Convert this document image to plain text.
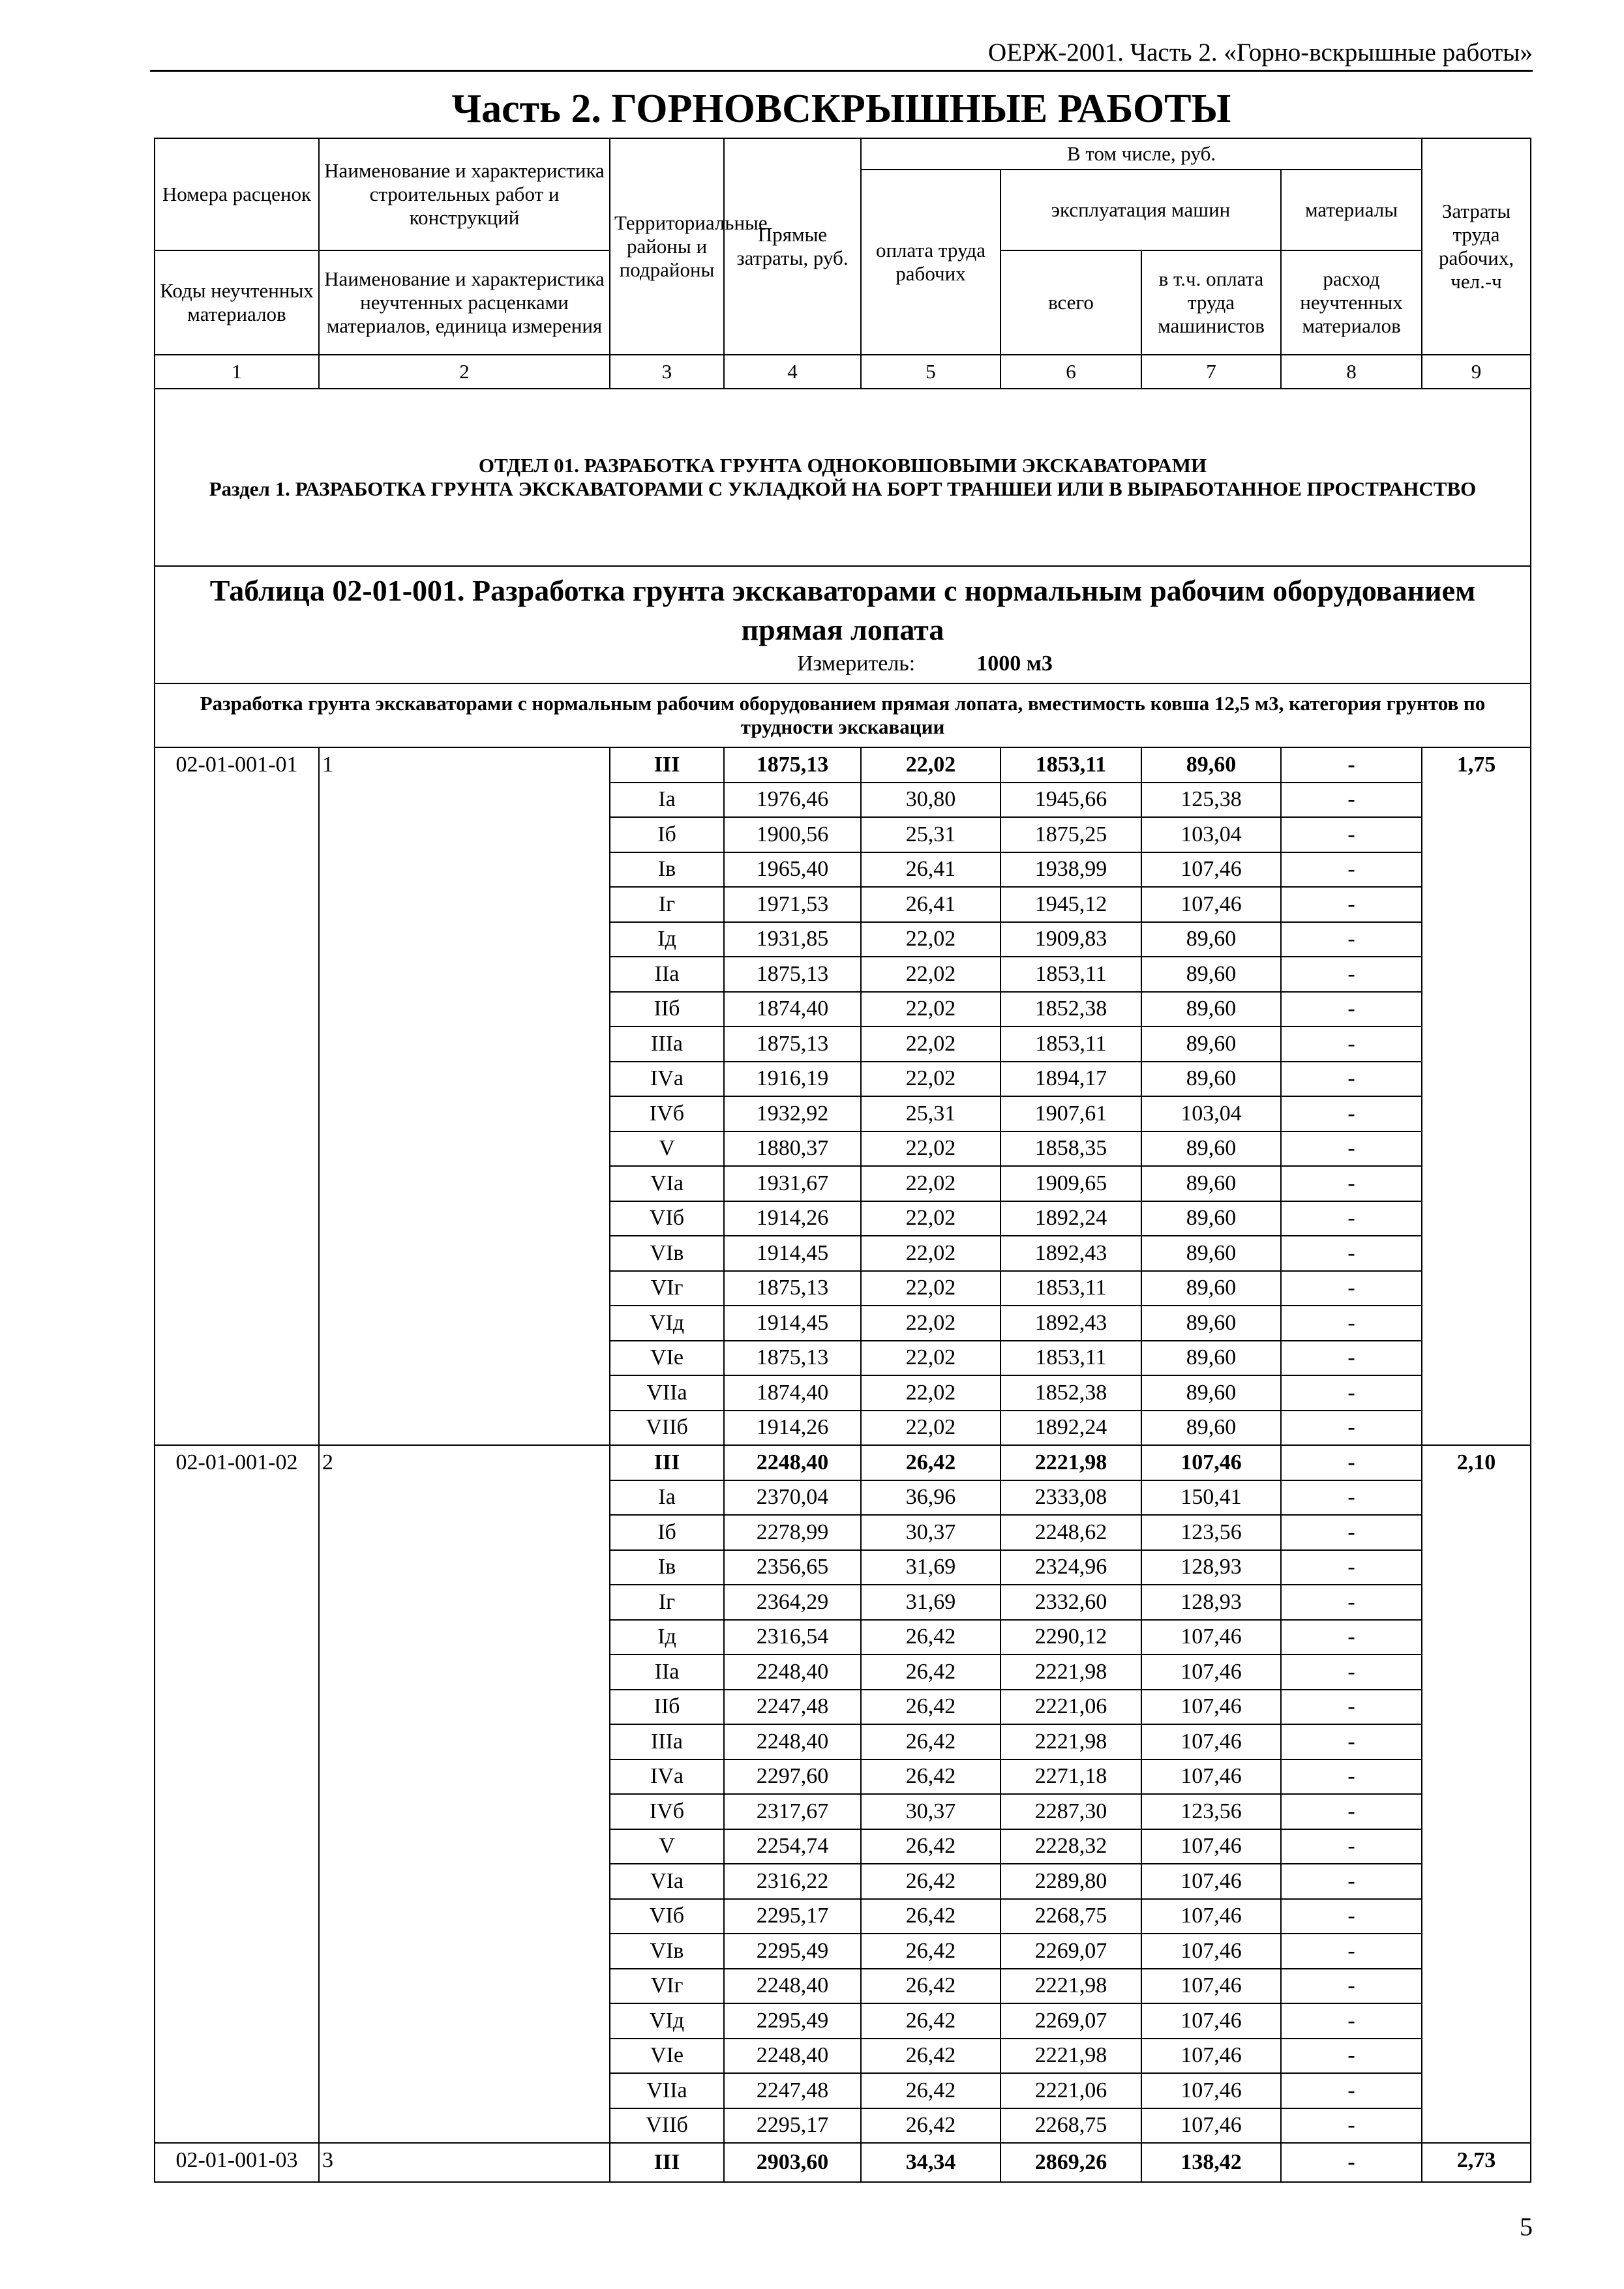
ОЕРЖ-2001. Часть 2. «Горно-вскрышные работы»
Часть 2. ГОРНОВСКРЫШНЫЕ РАБОТЫ
Номера расценок	Наименование и характеристика строительных работ и конструкций	Территориальные районы и подрайоны	Прямые затраты, руб.	В том числе, руб.				Затраты труда рабочих, чел.-ч
				оплата труда рабочих	эксплуатация машин		материалы	
Коды неучтенных материалов	Наименование и характеристика неучтенных расценками материалов, единица измерения				всего	в т.ч. оплата труда машинистов	расход неучтенных материалов	
1	2	3	4	5	6	7	8	9

ОТДЕЛ 01. РАЗРАБОТКА ГРУНТА ОДНОКОВШОВЫМИ ЭКСКАВАТОРАМИ
Раздел 1. РАЗРАБОТКА ГРУНТА ЭКСКАВАТОРАМИ С УКЛАДКОЙ НА БОРТ ТРАНШЕИ ИЛИ В ВЫРАБОТАННОЕ ПРОСТРАНСТВО								

Таблица 02-01-001. Разработка грунта экскаваторами с нормальным рабочим оборудованием прямая лопата
Измеритель: 1000 м3								

Разработка грунта экскаваторами с нормальным рабочим оборудованием прямая лопата, вместимость ковша 12,5 м3, категория грунтов по трудности экскавации								
02-01-001-01	1	III	1875,13	22,02	1853,11	89,60	-	1,75
		Iа	1976,46	30,80	1945,66	125,38	-	
		Iб	1900,56	25,31	1875,25	103,04	-	
		Iв	1965,40	26,41	1938,99	107,46	-	
		Iг	1971,53	26,41	1945,12	107,46	-	
		Iд	1931,85	22,02	1909,83	89,60	-	
		IIа	1875,13	22,02	1853,11	89,60	-	
		IIб	1874,40	22,02	1852,38	89,60	-	
		IIIа	1875,13	22,02	1853,11	89,60	-	
		IVа	1916,19	22,02	1894,17	89,60	-	
		IVб	1932,92	25,31	1907,61	103,04	-	
		V	1880,37	22,02	1858,35	89,60	-	
		VIа	1931,67	22,02	1909,65	89,60	-	
		VIб	1914,26	22,02	1892,24	89,60	-	
		VIв	1914,45	22,02	1892,43	89,60	-	
		VIг	1875,13	22,02	1853,11	89,60	-	
		VIд	1914,45	22,02	1892,43	89,60	-	
		VIе	1875,13	22,02	1853,11	89,60	-	
		VIIа	1874,40	22,02	1852,38	89,60	-	
		VIIб	1914,26	22,02	1892,24	89,60	-	
02-01-001-02	2	III	2248,40	26,42	2221,98	107,46	-	2,10
		Iа	2370,04	36,96	2333,08	150,41	-	
		Iб	2278,99	30,37	2248,62	123,56	-	
		Iв	2356,65	31,69	2324,96	128,93	-	
		Iг	2364,29	31,69	2332,60	128,93	-	
		Iд	2316,54	26,42	2290,12	107,46	-	
		IIа	2248,40	26,42	2221,98	107,46	-	
		IIб	2247,48	26,42	2221,06	107,46	-	
		IIIа	2248,40	26,42	2221,98	107,46	-	
		IVа	2297,60	26,42	2271,18	107,46	-	
		IVб	2317,67	30,37	2287,30	123,56	-	
		V	2254,74	26,42	2228,32	107,46	-	
		VIа	2316,22	26,42	2289,80	107,46	-	
		VIб	2295,17	26,42	2268,75	107,46	-	
		VIв	2295,49	26,42	2269,07	107,46	-	
		VIг	2248,40	26,42	2221,98	107,46	-	
		VIд	2295,49	26,42	2269,07	107,46	-	
		VIе	2248,40	26,42	2221,98	107,46	-	
		VIIа	2247,48	26,42	2221,06	107,46	-	
		VIIб	2295,17	26,42	2268,75	107,46	-	
02-01-001-03	3	III	2903,60	34,34	2869,26	138,42	-	2,73
5
